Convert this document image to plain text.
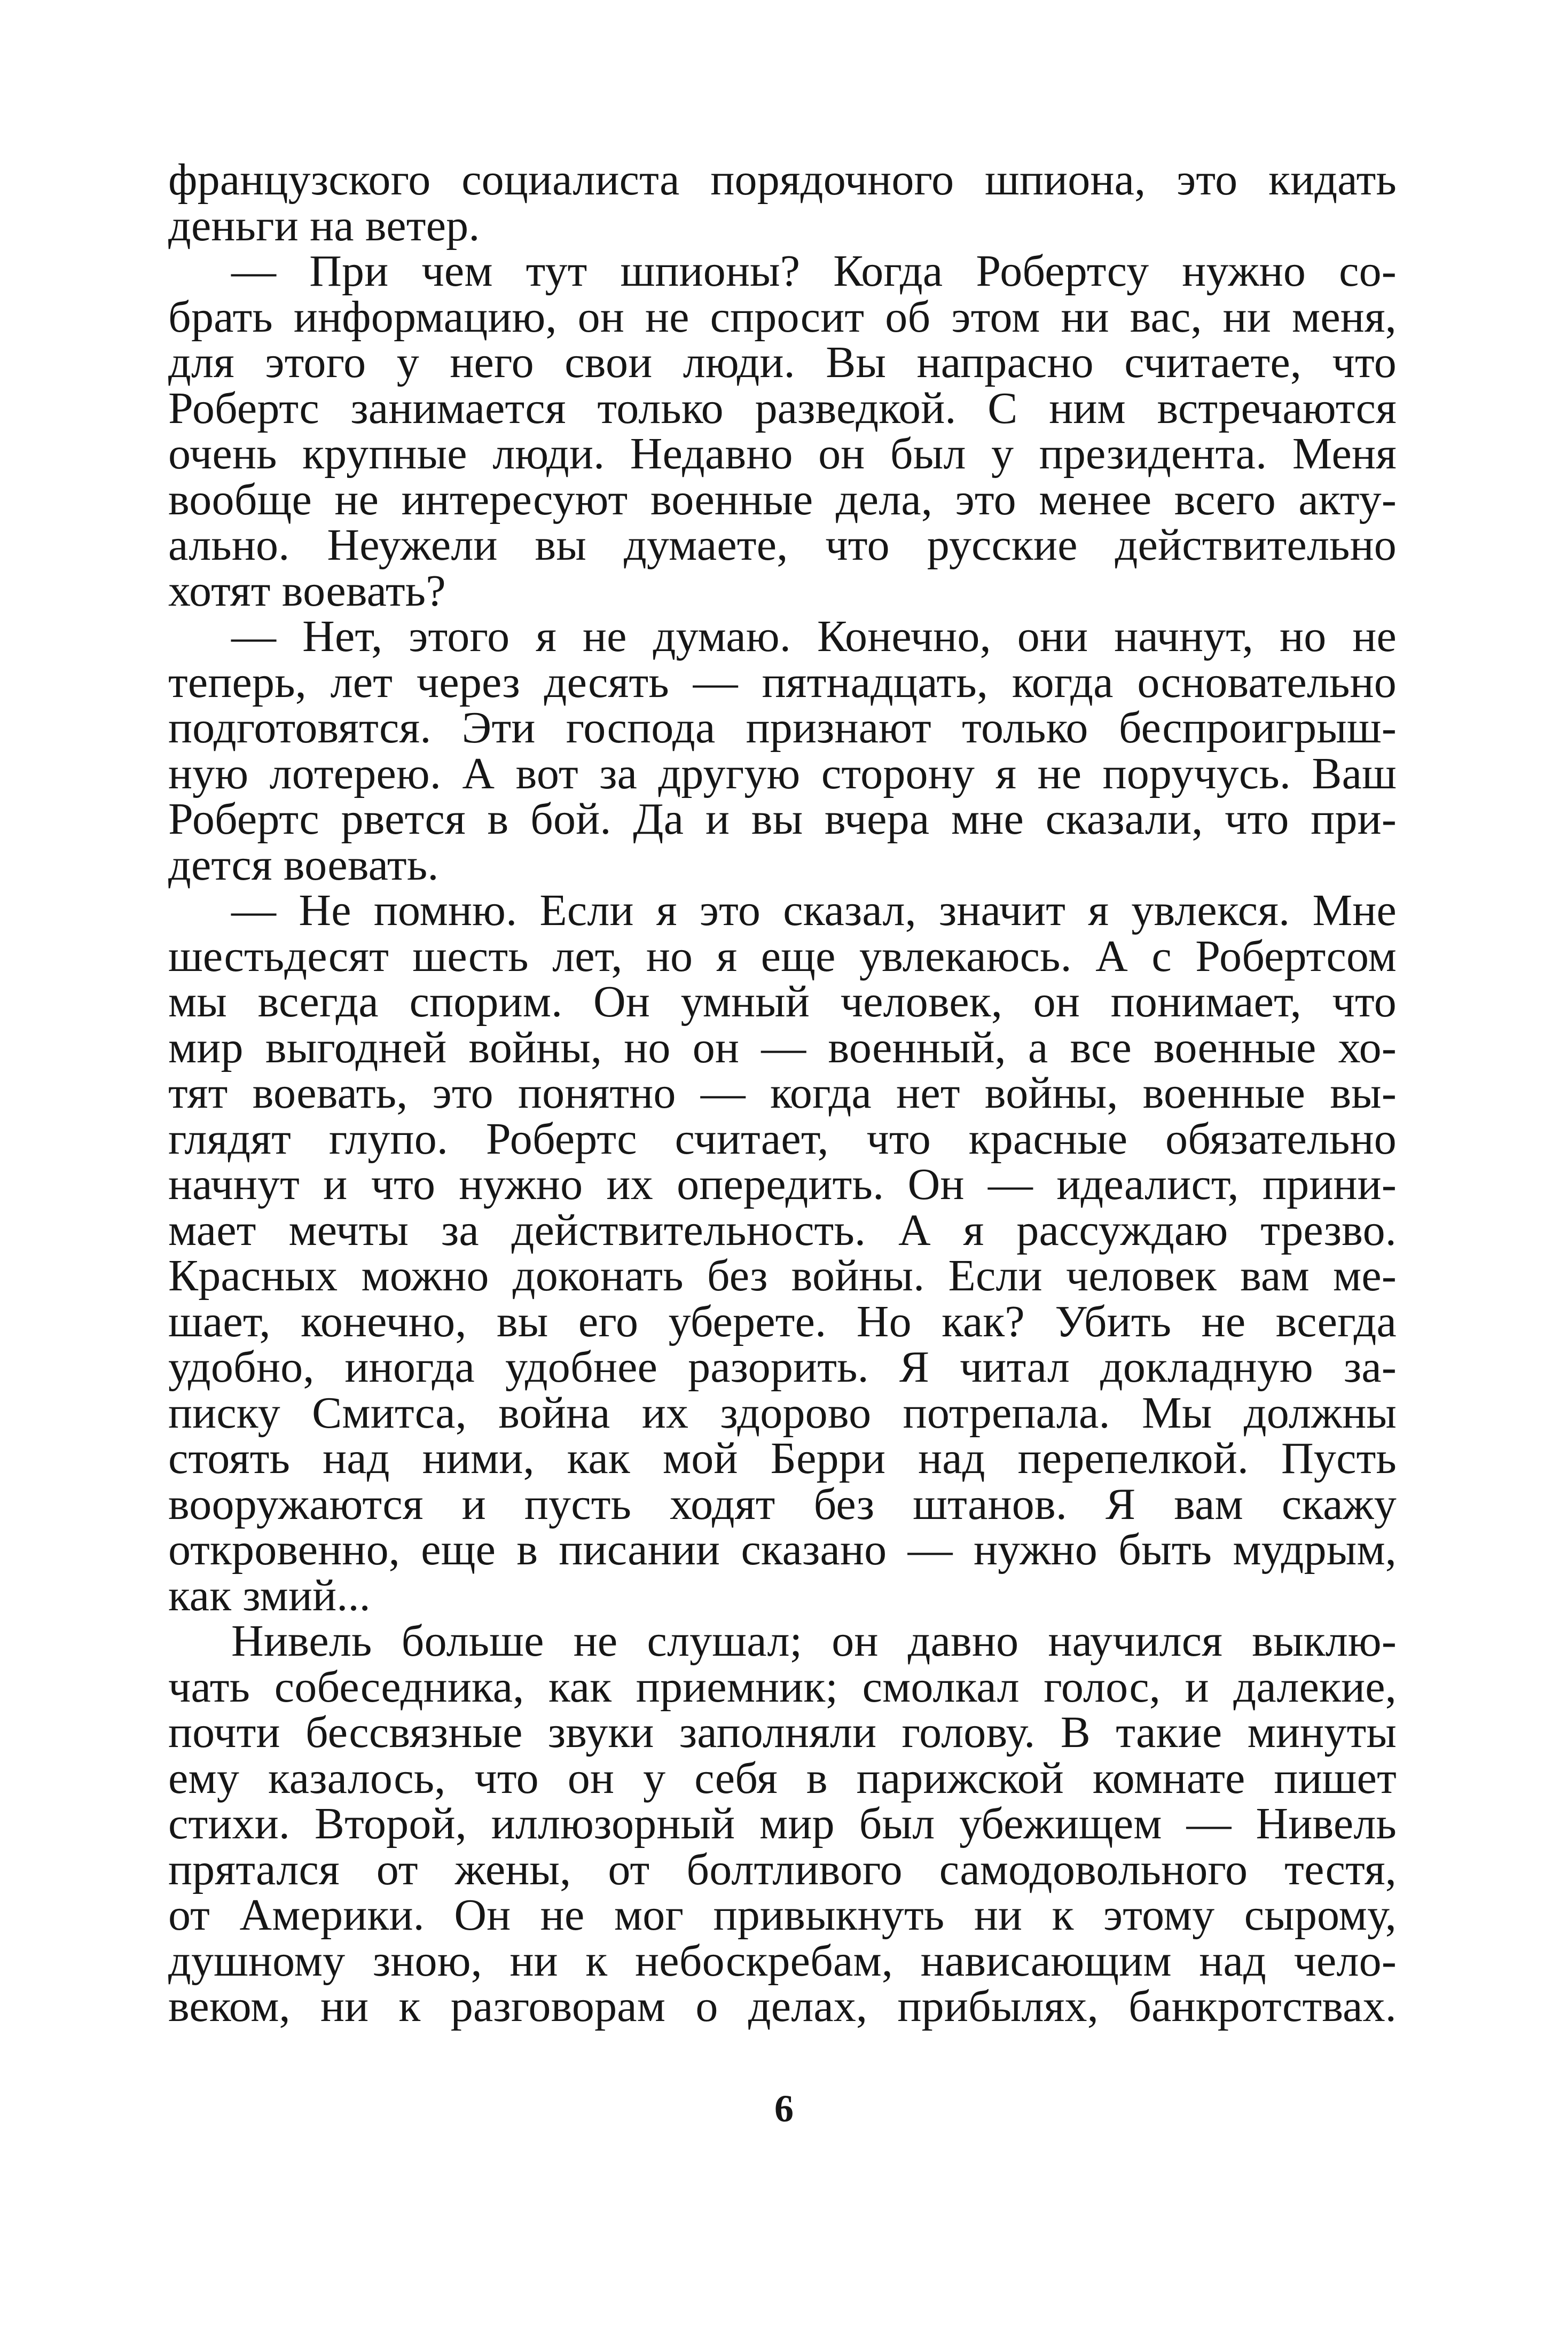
французского социалиста порядочного шпиона, это кидать
деньги на ветер.
— При чем тут шпионы? Когда Робертсу нужно со-
брать информацию, он не спросит об этом ни вас, ни меня,
для этого у него свои люди. Вы напрасно считаете, что
Робертс занимается только разведкой. С ним встречаются
очень крупные люди. Недавно он был у президента. Меня
вообще не интересуют военные дела, это менее всего акту-
ально. Неужели вы думаете, что русские действительно
хотят воевать?
— Нет, этого я не думаю. Конечно, они начнут, но не
теперь, лет через десять — пятнадцать, когда основательно
подготовятся. Эти господа признают только беспроигрыш-
ную лотерею. А вот за другую сторону я не поручусь. Ваш
Робертс рвется в бой. Да и вы вчера мне сказали, что при-
дется воевать.
— Не помню. Если я это сказал, значит я увлекся. Мне
шестьдесят шесть лет, но я еще увлекаюсь. А с Робертсом
мы всегда спорим. Он умный человек, он понимает, что
мир выгодней войны, но он — военный, а все военные хо-
тят воевать, это понятно — когда нет войны, военные вы-
глядят глупо. Робертс считает, что красные обязательно
начнут и что нужно их опередить. Он — идеалист, прини-
мает мечты за действительность. А я рассуждаю трезво.
Красных можно доконать без войны. Если человек вам ме-
шает, конечно, вы его уберете. Но как? Убить не всегда
удобно, иногда удобнее разорить. Я читал докладную за-
писку Смитса, война их здорово потрепала. Мы должны
стоять над ними, как мой Берри над перепелкой. Пусть
вооружаются и пусть ходят без штанов. Я вам скажу
откровенно, еще в писании сказано — нужно быть мудрым,
как змий...
Нивель больше не слушал; он давно научился выклю-
чать собеседника, как приемник; смолкал голос, и далекие,
почти бессвязные звуки заполняли голову. В такие минуты
ему казалось, что он у себя в парижской комнате пишет
стихи. Второй, иллюзорный мир был убежищем — Нивель
прятался от жены, от болтливого самодовольного тестя,
от Америки. Он не мог привыкнуть ни к этому сырому,
душному зною, ни к небоскребам, нависающим над чело-
веком, ни к разговорам о делах, прибылях, банкротствах.
6
